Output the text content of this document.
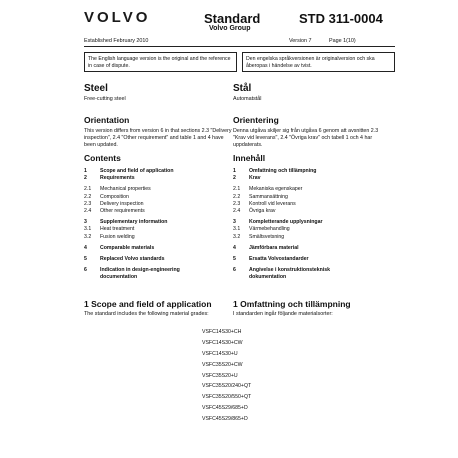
VOLVO	Standard
Volvo Group
STD 311-0004
Established February 2010	Version 7	Page 1(10)
The English language version is the original and the reference in case of dispute.
Den engelska språkversionen är originalversion och ska åberopas i händelse av tvist.
Steel
Free-cutting steel
Orientation
This version differs from version 6 in that sections 2.3 "Delivery inspection", 2.4 "Other requirement" and table 1 and 4 have been updated.
Contents
1	Scope and field of application
2	Requirements
2.1	Mechanical properties
2.2	Composition
2.3	Delivery inspection
2.4	Other requirements
3	Supplementary information
3.1	Heat treatment
3.2	Fusion welding
4	Comparable materials
5	Replaced Volvo standards
6	Indication in design-engineering
documentation
1 Scope and field of application
The standard includes the following material grades:
Stål
Automatstål
Orientering
Denna utgåva skiljer sig från utgåva 6 genom att avsnitten 2.3 "Krav vid leverans", 2.4 "Övriga krav" och tabell 1 och 4 har uppdaterats.
Innehåll
1	Omfattning och tillämpning
2	Krav
2.1	Mekaniska egenskaper
2.2	Sammansättning
2.3	Kontroll vid leverans
2.4	Övriga krav
3	Kompletterande upplysningar
3.1	Värmebehandling
3.2	Smältsvetsning
4	Jämförbara material
5	Ersatta Volvostandarder
6	Angivelse i konstruktionsteknisk
dokumentation
1 Omfattning och tillämpning
I standarden ingår följande materialsorter:
VSFC14S30+CH
VSFC14S30+CW
VSFC14S30+U
VSFC35S20+CW
VSFC35S20+U
VSFC35S20/240+QT
VSFC35S20/550+QT
VSFC45S29/685+D
VSFC45S29/865+D
